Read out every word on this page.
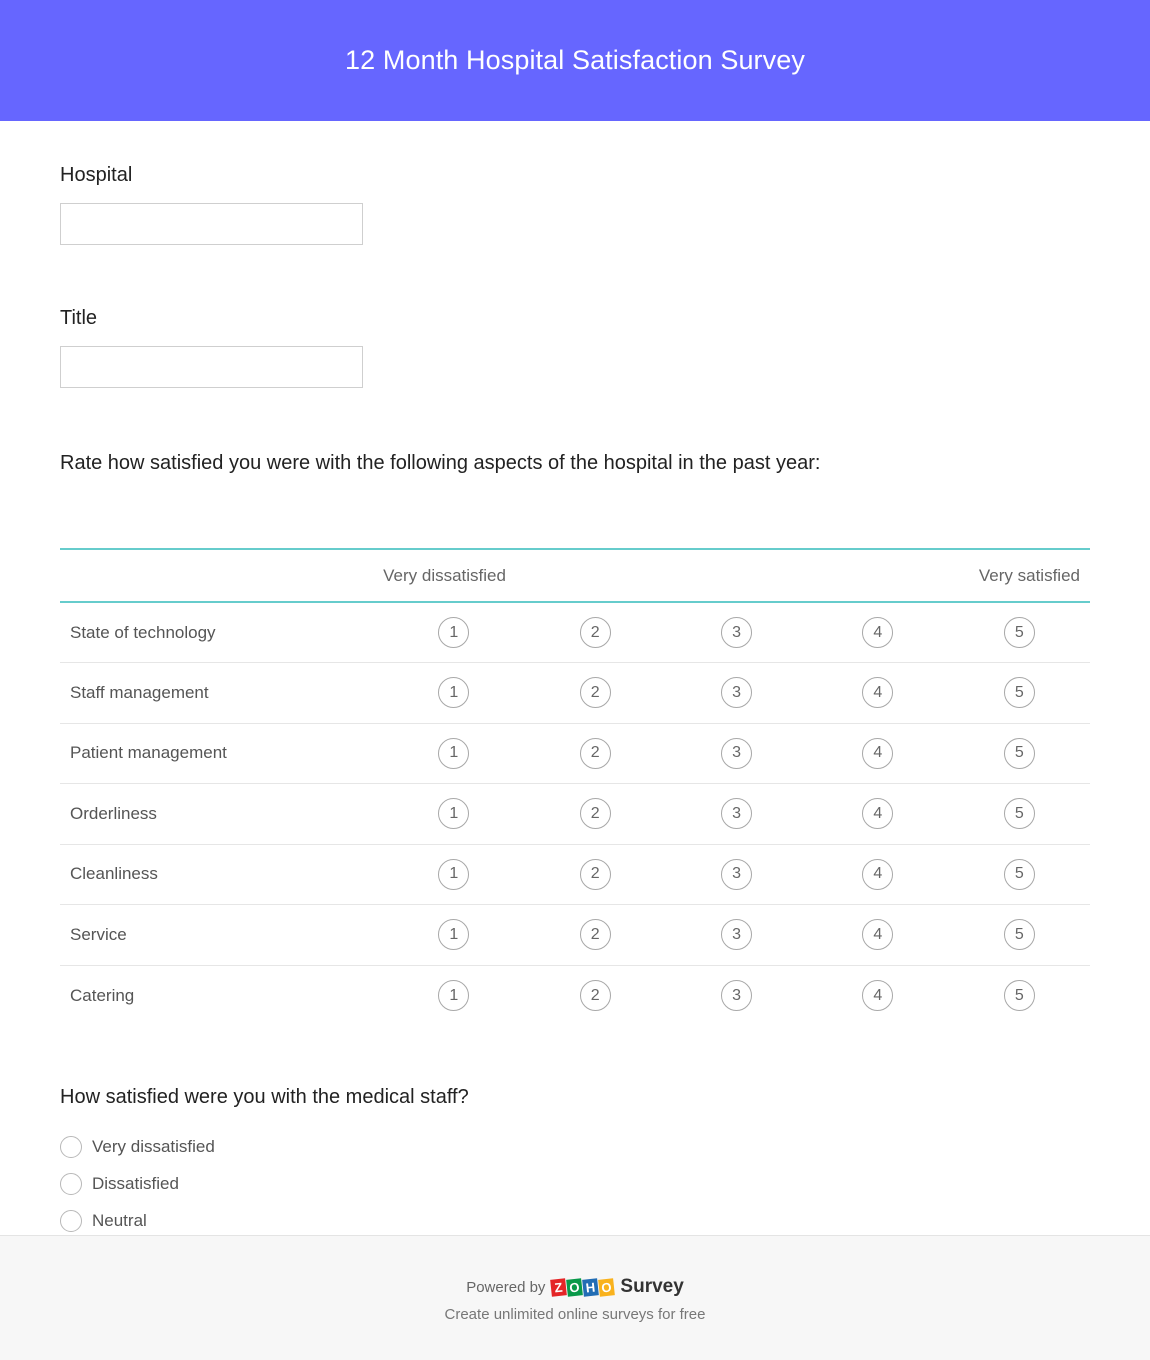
12 Month Hospital Satisfaction Survey
Hospital
Title
Rate how satisfied you were with the following aspects of the hospital in the past year:
	Very dissatisfied			Very satisfied	
State of technology	1	2	3	4	5
Staff management	1	2	3	4	5
Patient management	1	2	3	4	5
Orderliness	1	2	3	4	5
Cleanliness	1	2	3	4	5
Service	1	2	3	4	5
Catering	1	2	3	4	5
How satisfied were you with the medical staff?
Very dissatisfied
Dissatisfied
Neutral
Powered by Z O H O Survey
Create unlimited online surveys for free
